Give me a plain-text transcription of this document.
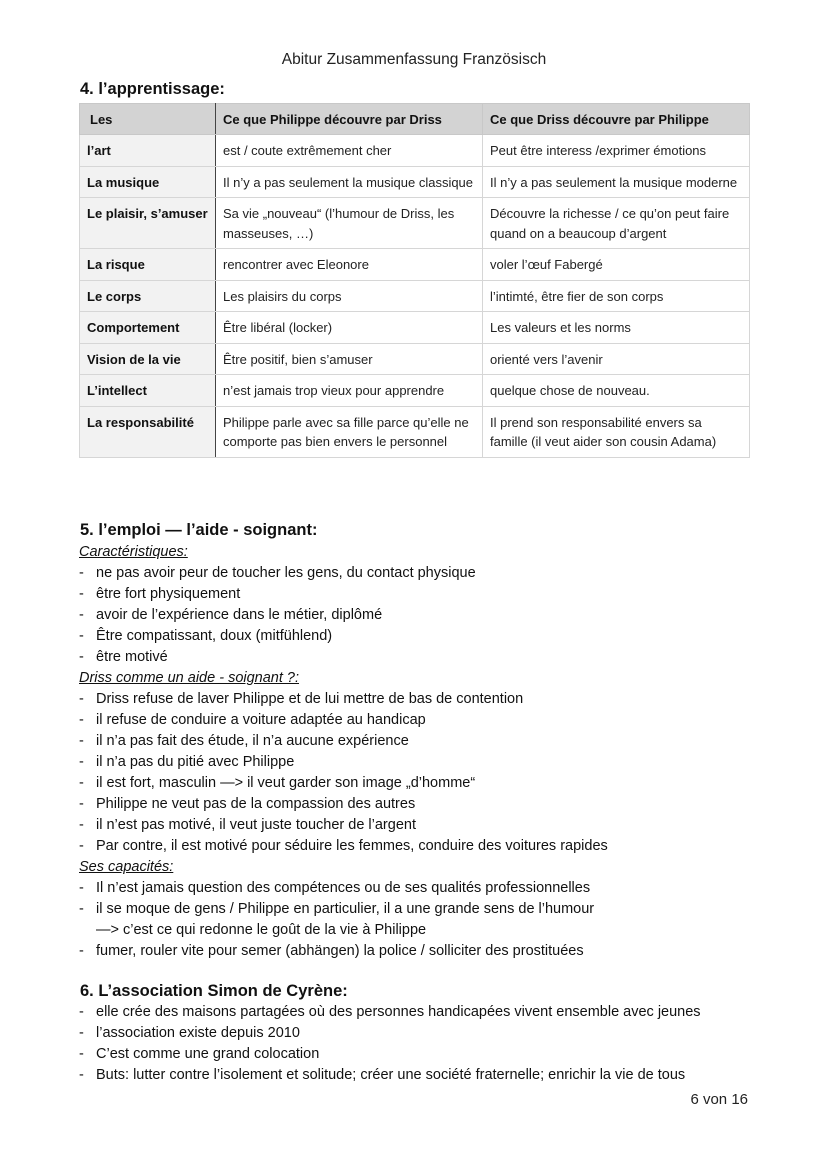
Abitur Zusammenfassung Französisch
4. l’apprentissage:
Les	Ce que Philippe découvre par Driss	Ce que Driss découvre par Philippe
l’art	est / coute extrêmement cher	Peut être interess /exprimer émotions
La musique	Il n’y a pas seulement la musique classique	Il n’y a pas seulement la musique moderne
Le plaisir, s’amuser	Sa vie „nouveau“ (l’humour de Driss, les masseuses, …)	Découvre la richesse / ce qu’on peut faire quand on a beaucoup d’argent
La risque	rencontrer avec Eleonore	voler l’œuf Fabergé
Le corps	Les plaisirs du corps	l’intimté, être fier de son corps
Comportement	Être libéral (locker)	Les valeurs et les norms
Vision de la vie	Être positif, bien s’amuser	orienté vers l’avenir
L’intellect	n’est jamais trop vieux pour apprendre	quelque chose de nouveau.
La responsabilité	Philippe parle avec sa fille parce qu’elle ne comporte pas bien envers le personnel	Il prend son responsabilité envers sa famille (il veut aider son cousin Adama)
5. l’emploi — l’aide - soignant:
Caractéristiques:
- ne pas avoir peur de toucher les gens, du contact physique
- être fort physiquement
- avoir de l’expérience dans le métier, diplômé
- Être compatissant, doux (mitfühlend)
- être motivé
Driss comme un aide - soignant ?:
- Driss refuse de laver Philippe et de lui mettre de bas de contention
- il refuse de conduire a voiture adaptée au handicap
- il n’a pas fait des étude, il n’a aucune expérience
- il n’a pas du pitié avec Philippe
- il est fort, masculin —> il veut garder son image „d’homme“
- Philippe ne veut pas de la compassion des autres
- il n’est pas motivé, il veut juste toucher de l’argent
- Par contre, il est motivé pour séduire les femmes, conduire des voitures rapides
Ses capacités:
- Il n’est jamais question des compétences ou de ses qualités professionnelles
- il se moque de gens / Philippe en particulier, il a une grande sens de l’humour
—> c’est ce qui redonne le goût de la vie à Philippe
- fumer, rouler vite pour semer (abhängen) la police / solliciter des prostituées
6. L’association Simon de Cyrène:
- elle crée des maisons partagées où des personnes handicapées vivent ensemble avec jeunes
- l’association existe depuis 2010
- C’est comme une grand colocation
- Buts: lutter contre l’isolement et solitude; créer une société fraternelle; enrichir la vie de tous
6 von 16
